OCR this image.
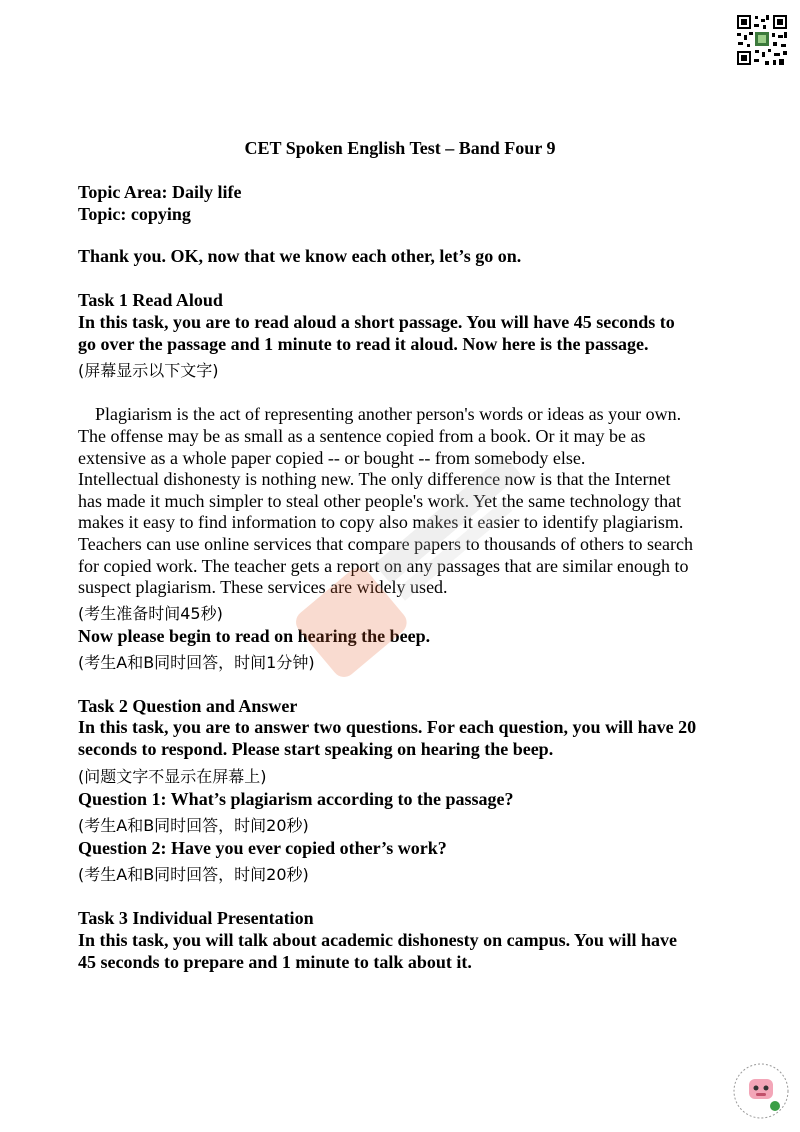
CET Spoken English Test – Band Four 9
Topic Area: Daily life
Topic: copying
Thank you. OK, now that we know each other, let’s go on.
Task 1 Read Aloud
In this task, you are to read aloud a short passage. You will have 45 seconds to
go over the passage and 1 minute to read it aloud. Now here is the passage.
(屏幕显示以下文字)
Plagiarism is the act of representing another person's words or ideas as your own.
The offense may be as small as a sentence copied from a book. Or it may be as
extensive as a whole paper copied -- or bought -- from somebody else.
Intellectual dishonesty is nothing new. The only difference now is that the Internet
has made it much simpler to steal other people's work. Yet the same technology that
makes it easy to find information to copy also makes it easier to identify plagiarism.
Teachers can use online services that compare papers to thousands of others to search
for copied work. The teacher gets a report on any passages that are similar enough to
suspect plagiarism. These services are widely used.
(考生准备时间45秒)
Now please begin to read on hearing the beep.
(考生A和B同时回答，时间1分钟)
Task 2 Question and Answer
In this task, you are to answer two questions. For each question, you will have 20
seconds to respond. Please start speaking on hearing the beep.
(问题文字不显示在屏幕上)
Question 1: What’s plagiarism according to the passage?
(考生A和B同时回答，时间20秒)
Question 2: Have you ever copied other’s work?
(考生A和B同时回答，时间20秒)
Task 3 Individual Presentation
In this task, you will talk about academic dishonesty on campus. You will have
45 seconds to prepare and 1 minute to talk about it.
